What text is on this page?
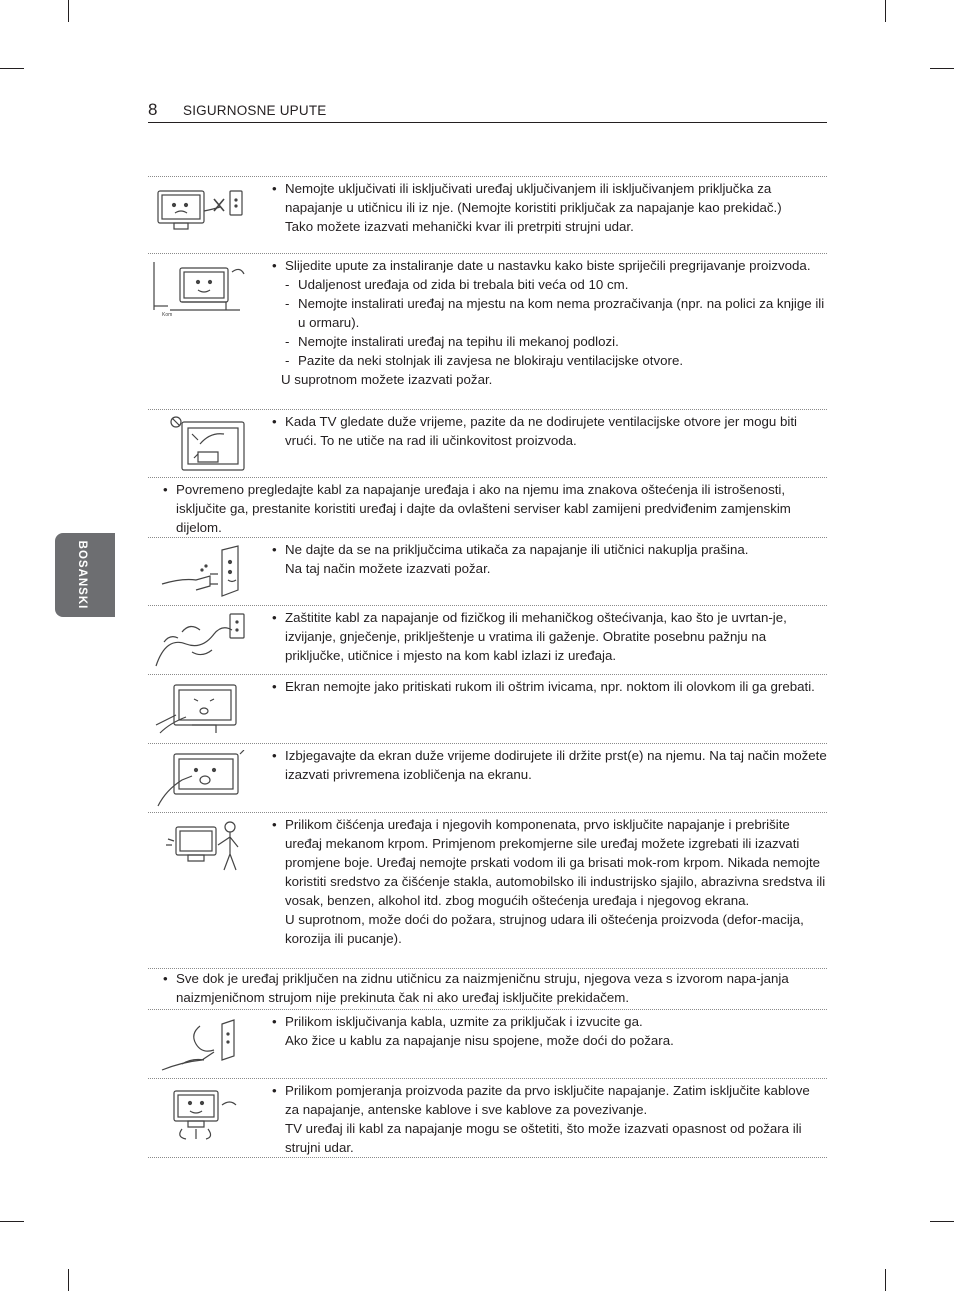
8 SIGURNOSNE UPUTE
BOSANSKI
• Nemojte uključivati ili isključivati uređaj uključivanjem ili isključivanjem priključka za napajanje u utičnicu ili iz nje. (Nemojte koristiti priključak za napajanje kao prekidač.)
Tako možete izazvati mehanički kvar ili pretrpiti strujni udar.
Kom
• Slijedite upute za instaliranje date u nastavku kako biste spriječili pregrijavanje proizvoda.
- Udaljenost uređaja od zida bi trebala biti veća od 10 cm.
- Nemojte instalirati uređaj na mjestu na kom nema prozračivanja (npr. na polici za knjige ili u ormaru).
- Nemojte instalirati uređaj na tepihu ili mekanoj podlozi.
- Pazite da neki stolnjak ili zavjesa ne blokiraju ventilacijske otvore.
U suprotnom možete izazvati požar.
• Kada TV gledate duže vrijeme, pazite da ne dodirujete ventilacijske otvore jer mogu biti vrući. To ne utiče na rad ili učinkovitost proizvoda.
• Povremeno pregledajte kabl za napajanje uređaja i ako na njemu ima znakova oštećenja ili istrošenosti, isključite ga, prestanite koristiti uređaj i dajte da ovlašteni serviser kabl zamijeni predviđenim zamjenskim dijelom.
• Ne dajte da se na priključcima utikača za napajanje ili utičnici nakuplja prašina.
Na taj način možete izazvati požar.
• Zaštitite kabl za napajanje od fizičkog ili mehaničkog oštećivanja, kao što je uvrtan-je, izvijanje, gnječenje, priklještenje u vratima ili gaženje. Obratite posebnu pažnju na priključke, utičnice i mjesto na kom kabl izlazi iz uređaja.
• Ekran nemojte jako pritiskati rukom ili oštrim ivicama, npr. noktom ili olovkom ili ga grebati.
• Izbjegavajte da ekran duže vrijeme dodirujete ili držite prst(e) na njemu. Na taj način možete izazvati privremena izobličenja na ekranu.
• Prilikom čišćenja uređaja i njegovih komponenata, prvo isključite napajanje i prebrišite uređaj mekanom krpom. Primjenom prekomjerne sile uređaj možete izgrebati ili izazvati promjene boje. Uređaj nemojte prskati vodom ili ga brisati mok-rom krpom. Nikada nemojte koristiti sredstvo za čišćenje stakla, automobilsko ili industrijsko sjajilo, abrazivna sredstva ili vosak, benzen, alkohol itd. zbog mogućih oštećenja uređaja i njegovog ekrana.
U suprotnom, može doći do požara, strujnog udara ili oštećenja proizvoda (defor-macija, korozija ili pucanje).
• Sve dok je uređaj priključen na zidnu utičnicu za naizmjeničnu struju, njegova veza s izvorom napa-janja naizmjeničnom strujom nije prekinuta čak ni ako uređaj isključite prekidačem.
• Prilikom isključivanja kabla, uzmite za priključak i izvucite ga.
Ako žice u kablu za napajanje nisu spojene, može doći do požara.
• Prilikom pomjeranja proizvoda pazite da prvo isključite napajanje. Zatim isključite kablove za napajanje, antenske kablove i sve kablove za povezivanje.
TV uređaj ili kabl za napajanje mogu se oštetiti, što može izazvati opasnost od požara ili strujni udar.
